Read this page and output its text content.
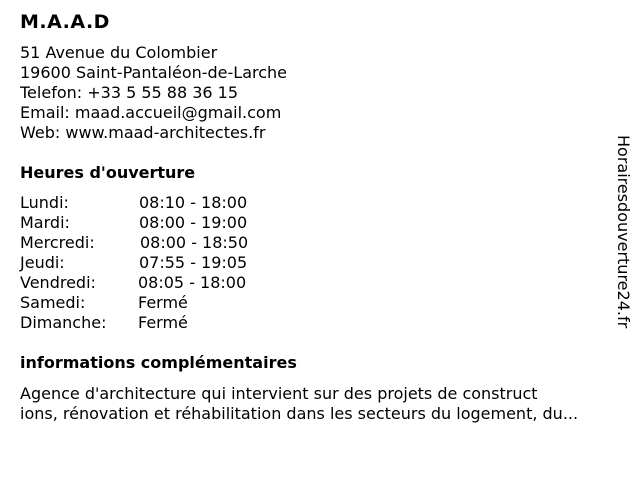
M.A.A.D
51 Avenue du Colombier
19600 Saint-Pantaléon-de-Larche
Telefon: +33 5 55 88 36 15
Email: maad.accueil@gmail.com
Web: www.maad-architectes.fr
Heures d'ouverture
Lundi:	08:10 - 18:00
Mardi:	08:00 - 19:00
Mercredi:	08:00 - 18:50
Jeudi:	07:55 - 19:05
Vendredi:	08:05 - 18:00
Samedi:	Fermé
Dimanche: Fermé
informations complémentaires
Agence d'architecture qui intervient sur des projets de construct
ions, rénovation et réhabilitation dans les secteurs du logement, du...
Horairesdouverture24.fr
